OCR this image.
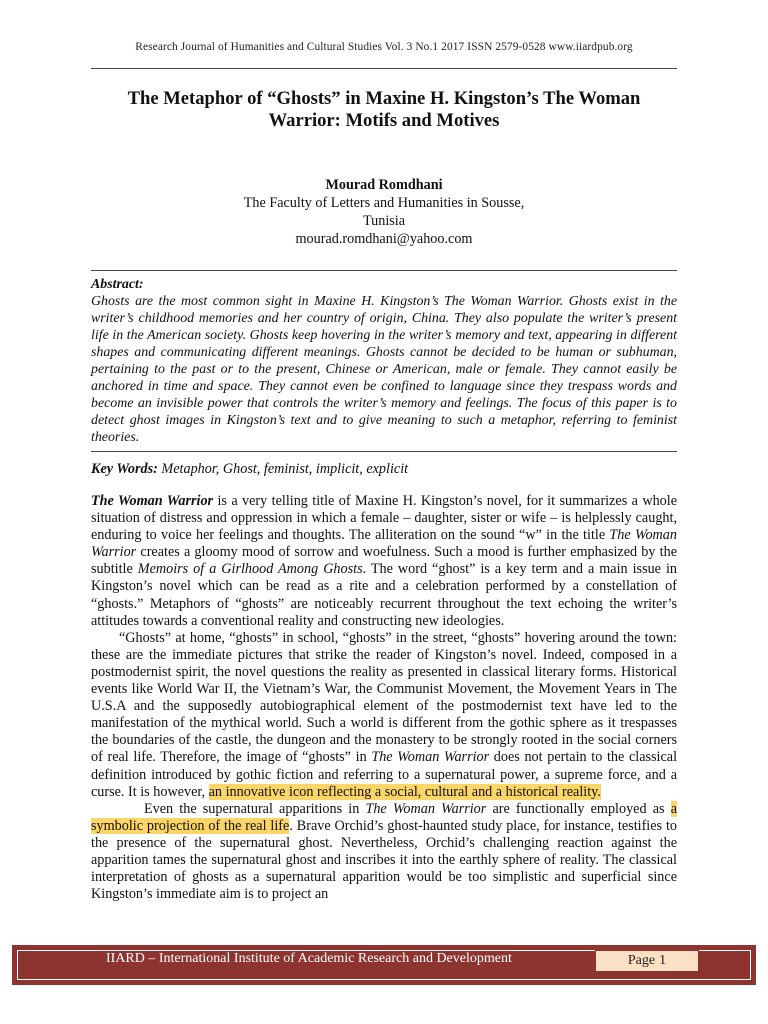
Research Journal of Humanities and Cultural Studies Vol. 3 No.1 2017 ISSN 2579-0528 www.iiardpub.org
The Metaphor of “Ghosts” in Maxine H. Kingston’s The Woman
Warrior: Motifs and Motives
Mourad Romdhani
The Faculty of Letters and Humanities in Sousse,
Tunisia
mourad.romdhani@yahoo.com
Abstract:
Ghosts are the most common sight in Maxine H. Kingston’s The Woman Warrior. Ghosts exist in the writer’s childhood memories and her country of origin, China. They also populate the writer’s present life in the American society. Ghosts keep hovering in the writer’s memory and text, appearing in different shapes and communicating different meanings. Ghosts cannot be decided to be human or subhuman, pertaining to the past or to the present, Chinese or American, male or female. They cannot easily be anchored in time and space. They cannot even be confined to language since they trespass words and become an invisible power that controls the writer’s memory and feelings. The focus of this paper is to detect ghost images in Kingston’s text and to give meaning to such a metaphor, referring to feminist theories.
Key Words: Metaphor, Ghost, feminist, implicit, explicit

The Woman Warrior is a very telling title of Maxine H. Kingston’s novel, for it summarizes a whole situation of distress and oppression in which a female – daughter, sister or wife – is helplessly caught, enduring to voice her feelings and thoughts. The alliteration on the sound “w” in the title The Woman Warrior creates a gloomy mood of sorrow and woefulness. Such a mood is further emphasized by the subtitle Memoirs of a Girlhood Among Ghosts. The word “ghost” is a key term and a main issue in Kingston’s novel which can be read as a rite and a celebration performed by a constellation of “ghosts.” Metaphors of “ghosts” are noticeably recurrent throughout the text echoing the writer’s attitudes towards a conventional reality and constructing new ideologies.

“Ghosts” at home, “ghosts” in school, “ghosts” in the street, “ghosts” hovering around the town: these are the immediate pictures that strike the reader of Kingston’s novel. Indeed, composed in a postmodernist spirit, the novel questions the reality as presented in classical literary forms. Historical events like World War II, the Vietnam’s War, the Communist Movement, the Movement Years in The U.S.A and the supposedly autobiographical element of the postmodernist text have led to the manifestation of the mythical world. Such a world is different from the gothic sphere as it trespasses the boundaries of the castle, the dungeon and the monastery to be strongly rooted in the social corners of real life. Therefore, the image of “ghosts” in The Woman Warrior does not pertain to the classical definition introduced by gothic fiction and referring to a supernatural power, a supreme force, and a curse. It is however, an innovative icon reflecting a social, cultural and a historical reality.

Even the supernatural apparitions in The Woman Warrior are functionally employed as a symbolic projection of the real life. Brave Orchid’s ghost-haunted study place, for instance, testifies to the presence of the supernatural ghost. Nevertheless, Orchid’s challenging reaction against the apparition tames the supernatural ghost and inscribes it into the earthly sphere of reality. The classical interpretation of ghosts as a supernatural apparition would be too simplistic and superficial since Kingston’s immediate aim is to project an

IIARD – International Institute of Academic Research and Development	Page 1
